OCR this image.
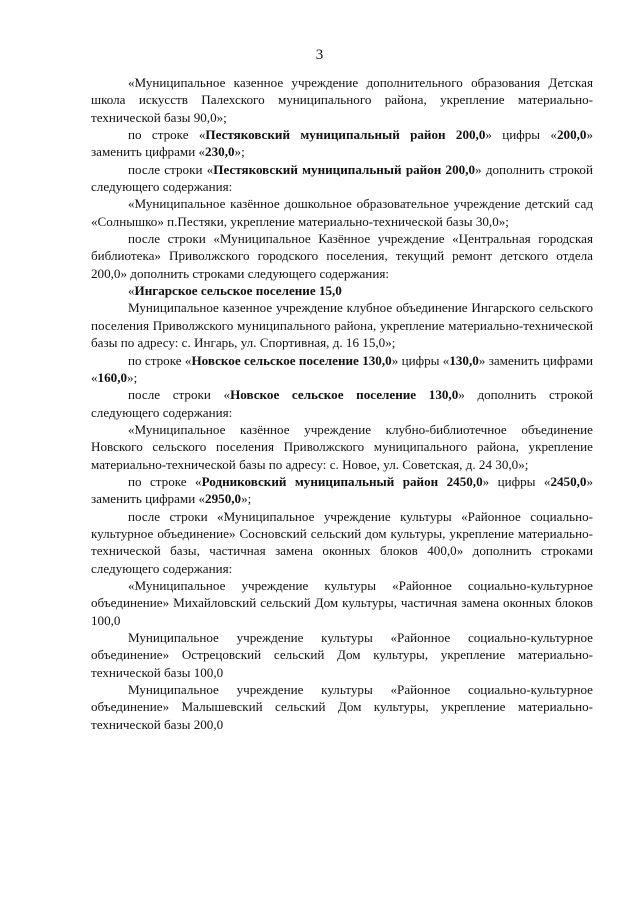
3

«Муниципальное казенное учреждение дополнительного образования Детская школа искусств Палехского муниципального района, укрепление материально-технической базы 90,0»;

по строке «Пестяковский муниципальный район 200,0» цифры «200,0» заменить цифрами «230,0»;

после строки «Пестяковский муниципальный район 200,0» дополнить строкой следующего содержания:

«Муниципальное казённое дошкольное образовательное учреждение детский сад «Солнышко» п.Пестяки, укрепление материально-технической базы 30,0»;

после строки «Муниципальное Казённое учреждение «Центральная городская библиотека» Приволжского городского поселения, текущий ремонт детского отдела 200,0» дополнить строками следующего содержания:

«Ингарское сельское поселение 15,0

Муниципальное казенное учреждение клубное объединение Ингарского сельского поселения Приволжского муниципального района, укрепление материально-технической базы по адресу: с. Ингарь, ул. Спортивная, д. 16 15,0»;

по строке «Новское сельское поселение 130,0» цифры «130,0» заменить цифрами «160,0»;

после строки «Новское сельское поселение 130,0» дополнить строкой следующего содержания:

«Муниципальное казённое учреждение клубно-библиотечное объединение Новского сельского поселения Приволжского муниципального района, укрепление материально-технической базы по адресу: с. Новое, ул. Советская, д. 24 30,0»;

по строке «Родниковский муниципальный район 2450,0» цифры «2450,0» заменить цифрами «2950,0»;

после строки «Муниципальное учреждение культуры «Районное социально-культурное объединение» Сосновский сельский дом культуры, укрепление материально-технической базы, частичная замена оконных блоков 400,0» дополнить строками следующего содержания:

«Муниципальное учреждение культуры «Районное социально-культурное объединение» Михайловский сельский Дом культуры, частичная замена оконных блоков 100,0

Муниципальное учреждение культуры «Районное социально-культурное объединение» Острецовский сельский Дом культуры, укрепление материально-технической базы 100,0

Муниципальное учреждение культуры «Районное социально-культурное объединение» Малышевский сельский Дом культуры, укрепление материально-технической базы 200,0
